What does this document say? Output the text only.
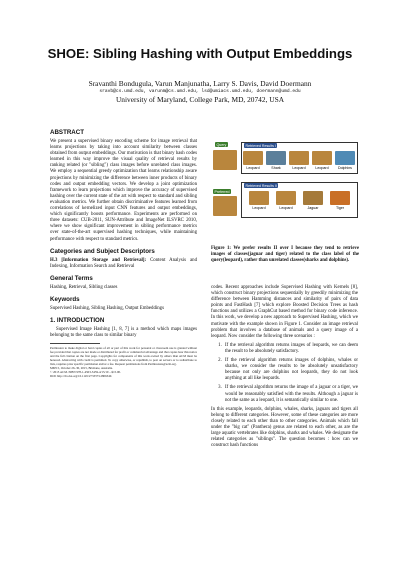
SHOE: Sibling Hashing with Output Embeddings
Sravanthi Bondugula, Varun Manjunatha, Larry S. Davis, David Doermann
sravb@cs.umd.edu, varunm@cs.umd.edu, lsd@umiacs.umd.edu, doermann@umd.edu
University of Maryland, College Park, MD, 20742, USA
ABSTRACT
We present a supervised binary encoding scheme for image retrieval that learns projections by taking into account similarity between classes obtained from output embeddings. Our motivation is that binary hash codes learned in this way improve the visual quality of retrieval results by ranking related (or "sibling") class images before unrelated class images. We employ a sequential greedy optimization that learns relationship aware projections by minimizing the difference between inner products of binary codes and output embedding vectors. We develop a joint optimization framework to learn projections which improve the accuracy of supervised hashing over the current state of the art with respect to standard and sibling evaluation metrics. We further obtain discriminative features learned from correlations of kernelized input CNN features and output embeddings, which significantly boosts performance. Experiments are performed on three datasets: CUB-2011, SUN-Attribute and ImageNet ILSVRC 2010, where we show significant improvement in sibling performance metrics over state-of-the-art supervised hashing techniques, while maintaining performance with respect to standard metrics.
Categories and Subject Descriptors
H.3 [Information Storage and Retrieval]: Content Analysis and Indexing, Information Search and Retrieval
General Terms
Hashing, Retrieval, Sibling classes
Keywords
Supervised Hashing, Sibling Hashing, Output Embeddings
1. INTRODUCTION
Supervised Image Hashing [1, 8, 7] is a method which maps images belonging to the same class to similar binary
Permission to make digital or hard copies of all or part of this work for personal or classroom use is granted without fee provided that copies are not made or distributed for profit or commercial advantage and that copies bear this notice and the full citation on the first page. Copyrights for components of this work owned by others than ACM must be honored. Abstracting with credit is permitted. To copy otherwise, or republish, to post on servers or to redistribute to lists, requires prior specific permission and/or a fee. Request permissions from Permissions@acm.org.
MM'15, October 26–30, 2015, Brisbane, Australia.
© 2015 ACM. ISBN 978-1-4503-3459-4/15/10 ...$15.00.
DOI: http://dx.doi.org/10.1145/2733373.2806340.
Query	Retrieved Results I
Preferred
Retrieved Results II
Leopard	Shark	Leopard	Leopard	Dolphins
Leopard	Leopard	Jaguar	Tiger
Figure 1: We prefer results II over I because they tend to retrieve images of classes(jaguar and tiger) related to the class label of the query(leopard), rather than unrelated classes(sharks and dolphins).
codes. Recent approaches include Supervised Hashing with Kernels [8], which construct binary projections sequentially by greedily minimizing the difference between Hamming distances and similarity of pairs of data points and FastHash [7] which explore Boosted Decision Trees as hash functions and utilizes a GraphCut based method for binary code inference. In this work, we develop a new approach to Supervised Hashing, which we motivate with the example shown in Figure 1. Consider an image retrieval problem that involves a database of animals and a query image of a leopard. Now consider the following three scenarios :
1. If the retrieval algorithm returns images of leopards, we can deem the result to be absolutely satisfactory.
2. If the retrieval algorithm returns images of dolphins, whales or sharks, we consider the results to be absolutely unsatisfactory because not only are dolphins not leopards, they do not look anything at all like leopards.
3. If the retrieval algorithm returns the image of a jaguar or a tiger, we would be reasonably satisfied with the results. Although a jaguar is not the same as a leopard, it is semantically similar to one.
In this example, leopards, dolphins, whales, sharks, jaguars and tigers all belong to different categories. However, some of these categories are more closely related to each other than to other categories. Animals which fall under the "big cat" (Panthera) genus are related to each other, as are the large aquatic vertebrates like dolphins, sharks and whales. We designate the related categories as "siblings". The question becomes : how can we construct hash functions
